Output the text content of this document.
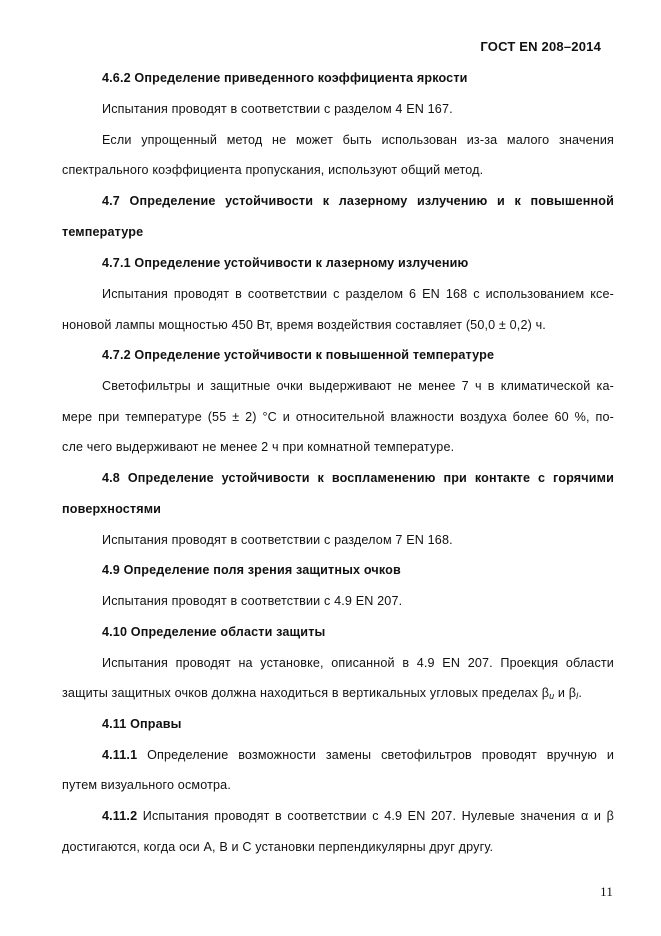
ГОСТ EN 208–2014
4.6.2 Определение приведенного коэффициента яркости
Испытания проводят в соответствии с разделом 4 EN 167.
Если упрощенный метод не может быть использован из-за малого значения
спектрального коэффициента пропускания, используют общий метод.
4.7 Определение устойчивости к лазерному излучению и к повышенной
температуре
4.7.1 Определение устойчивости к лазерному излучению
Испытания проводят в соответствии с разделом 6 EN 168 с использованием ксе-
ноновой лампы мощностью 450 Вт, время воздействия составляет (50,0 ± 0,2) ч.
4.7.2 Определение устойчивости к повышенной температуре
Светофильтры и защитные очки выдерживают не менее 7 ч в климатической ка-
мере при температуре (55 ± 2) °С и относительной влажности воздуха более 60 %, по-
сле чего выдерживают не менее 2 ч при комнатной температуре.
4.8 Определение устойчивости к воспламенению при контакте с горячими
поверхностями
Испытания проводят в соответствии с разделом 7 EN 168.
4.9 Определение поля зрения защитных очков
Испытания проводят в соответствии с 4.9 EN 207.
4.10 Определение области защиты
Испытания проводят на установке, описанной в 4.9 EN 207. Проекция области
защиты защитных очков должна находиться в вертикальных угловых пределах $\beta_u$ и $\beta_l$.
4.11 Оправы
4.11.1 Определение возможности замены светофильтров проводят вручную и
путем визуального осмотра.
4.11.2 Испытания проводят в соответствии с 4.9 EN 207. Нулевые значения α и β
достигаются, когда оси А, В и С установки перпендикулярны друг другу.
11
